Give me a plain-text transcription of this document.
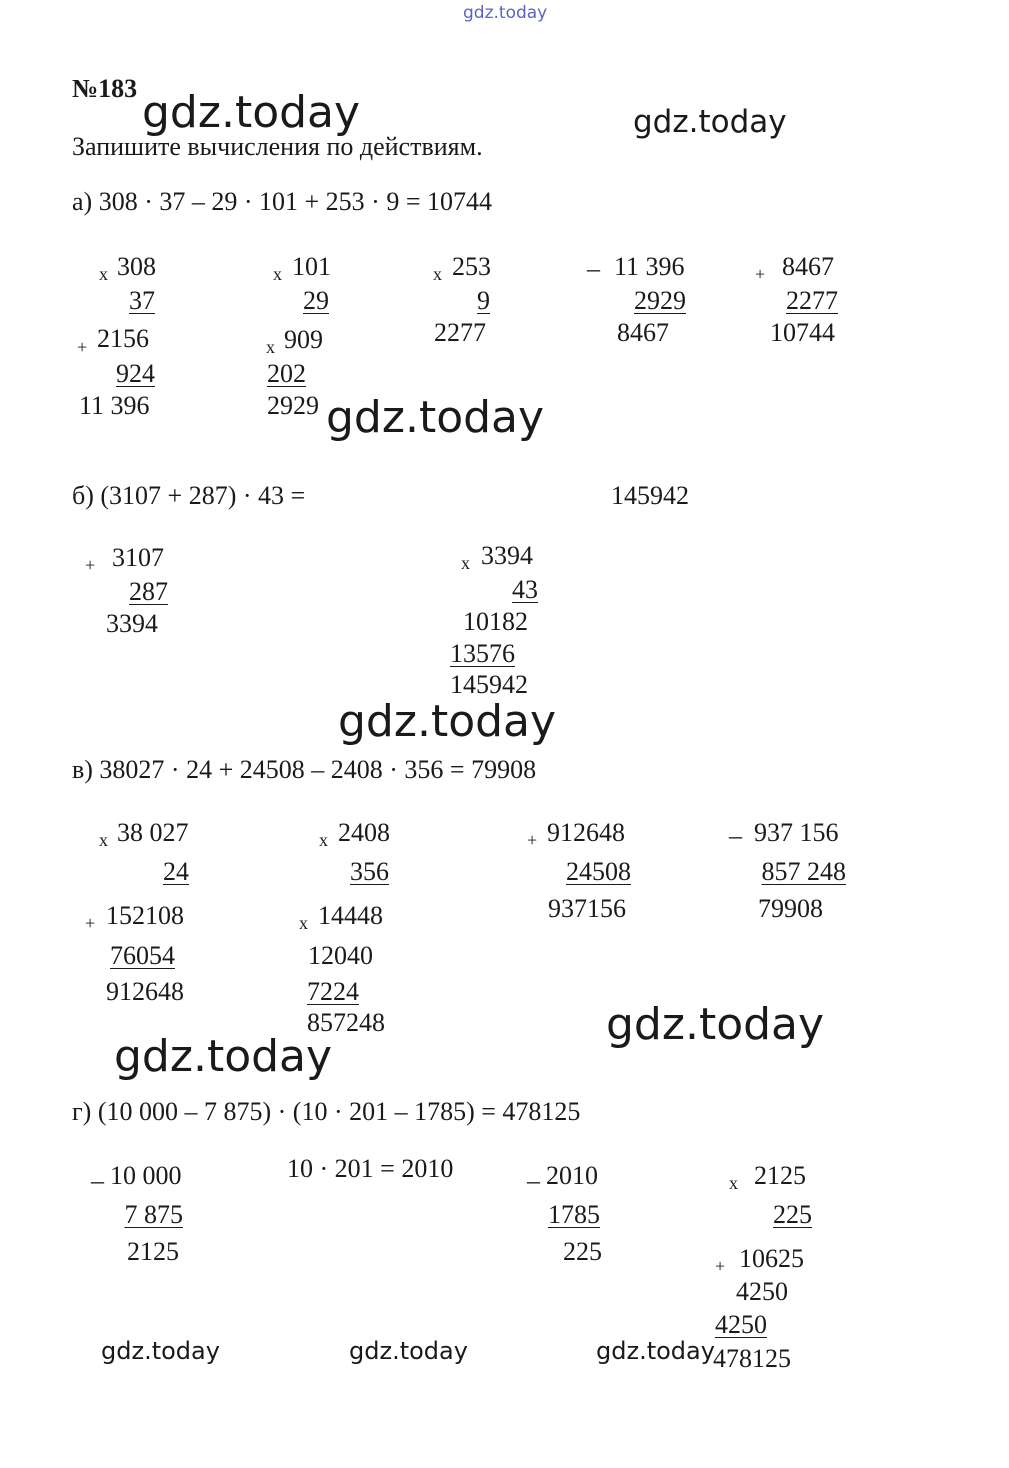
gdz.today
gdz.today	gdz.today
gdz.today
gdz.today
gdz.today
gdz.today
gdz.today	gdz.today	gdz.today
№183
Запишите вычисления по действиям.
а) 308 · 37 – 29 · 101 + 253 · 9 = 10744
x 308
37
+ 2156
924
11 396
x 101
29
x 909
202
2929
x 253
9
2277
– 11 396
2929
8467
+ 8467
2277
10744
б) (3107 + 287) · 43 =	145942
+ 3107
287
3394
x 3394
43
10182
13576
145942
в) 38027 · 24 + 24508 – 2408 · 356 = 79908
x 38 027
24
+ 152108
76054
912648
x 2408
356
x 14448
12040
7224
857248
+ 912648
24508
937156
– 937 156
857 248
79908
г) (10 000 – 7 875) · (10 · 201 – 1785) = 478125
– 10 000
7 875
2125
10 · 201 = 2010	– 2010
1785
225
x 2125
225
+ 10625
4250
4250
478125
